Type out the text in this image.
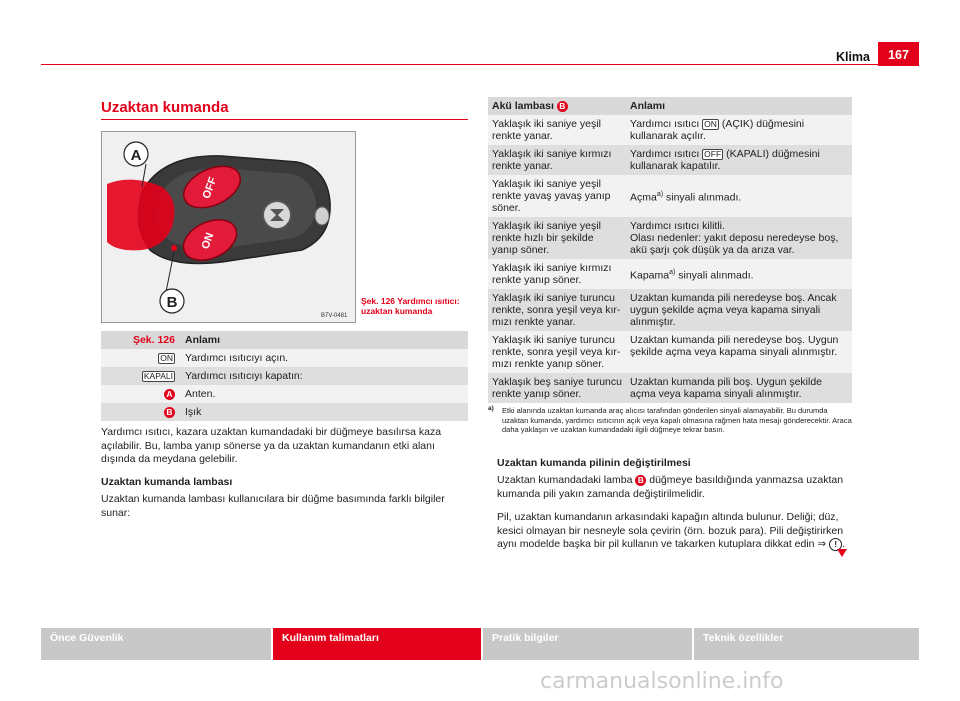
Klima	167
Uzaktan kumanda
OFF
ON
A
B
B7V-0481
Şek. 126 Yardımcı ısıtıcı: uzaktan kumanda
Şek. 126	Anlamı
ON	Yardımcı ısıtıcıyı açın.
KAPALI	Yardımcı ısıtıcıyı kapatın:
A	Anten.
B	Işık
Yardımcı ısıtıcı, kazara uzaktan kumandadaki bir düğmeye basılırsa kaza açılabilir. Bu, lamba yanıp sönerse ya da uzaktan kumandanın etki alanı dışında da meydana gelebilir.
Uzaktan kumanda lambası
Uzaktan kumanda lambası kullanıcılara bir düğme basımında farklı bilgiler sunar:
Akü lambası B	Anlamı
Yaklaşık iki saniye yeşil renkte yanar.	Yardımcı ısıtıcı ON (AÇIK) düğmesini kullanarak açılır.
Yaklaşık iki saniye kırmızı renkte yanar.	Yardımcı ısıtıcı OFF (KAPALI) düğmesini kullanarak kapatılır.
Yaklaşık iki saniye yeşil renkte yavaş yavaş yanıp söner.	Açma$^{a)}$ sinyali alınmadı.
Yaklaşık iki saniye yeşil renkte hızlı bir şekilde yanıp söner.	Yardımcı ısıtıcı kilitli.
Olası nedenler: yakıt deposu neredeyse boş, akü şarjı çok düşük ya da arıza var.

Yaklaşık iki saniye kırmızı renkte yanıp söner.	Kapama$^{a)}$ sinyali alınmadı.
Yaklaşık iki saniye turuncu renkte, sonra yeşil veya kırmızı renkte yanar.	Uzaktan kumanda pili neredeyse boş. Ancak uygun şekilde açma veya kapama sinyali alınmıştır.
Yaklaşık iki saniye turuncu renkte, sonra yeşil veya kırmızı renkte yanıp söner.	Uzaktan kumanda pili neredeyse boş. Uygun şekilde açma veya kapama sinyali alınmıştır.
Yaklaşık beş saniye turuncu renkte yanıp söner.	Uzaktan kumanda pili boş. Uygun şekilde açma veya kapama sinyali alınmıştır.
a)	Etki alanında uzaktan kumanda araç alıcısı tarafından gönderilen sinyali alamayabilir. Bu durumda uzaktan kumanda, yardımcı ısıtıcının açık veya kapalı olmasına rağmen hata mesajı gönderecektir. Araca daha yaklaşın ve uzaktan kumandadaki ilgili düğmeye tekrar basın.
Uzaktan kumanda pilinin değiştirilmesi
Uzaktan kumandadaki lamba B düğmeye basıldığında yanmazsa uzaktan kumanda pili yakın zamanda değiştirilmelidir.
Pil, uzaktan kumandanın arkasındaki kapağın altında bulunur. Deliği; düz, kesici olmayan bir nesneyle sola çevirin (örn. bozuk para). Pili değiştirirken aynı modelde başka bir pil kullanın ve takarken kutuplara dikkat edin ⇒ ! .
Önce Güvenlik	Kullanım talimatları	Pratik bilgiler	Teknik özellikler
carmanualsonline.info
